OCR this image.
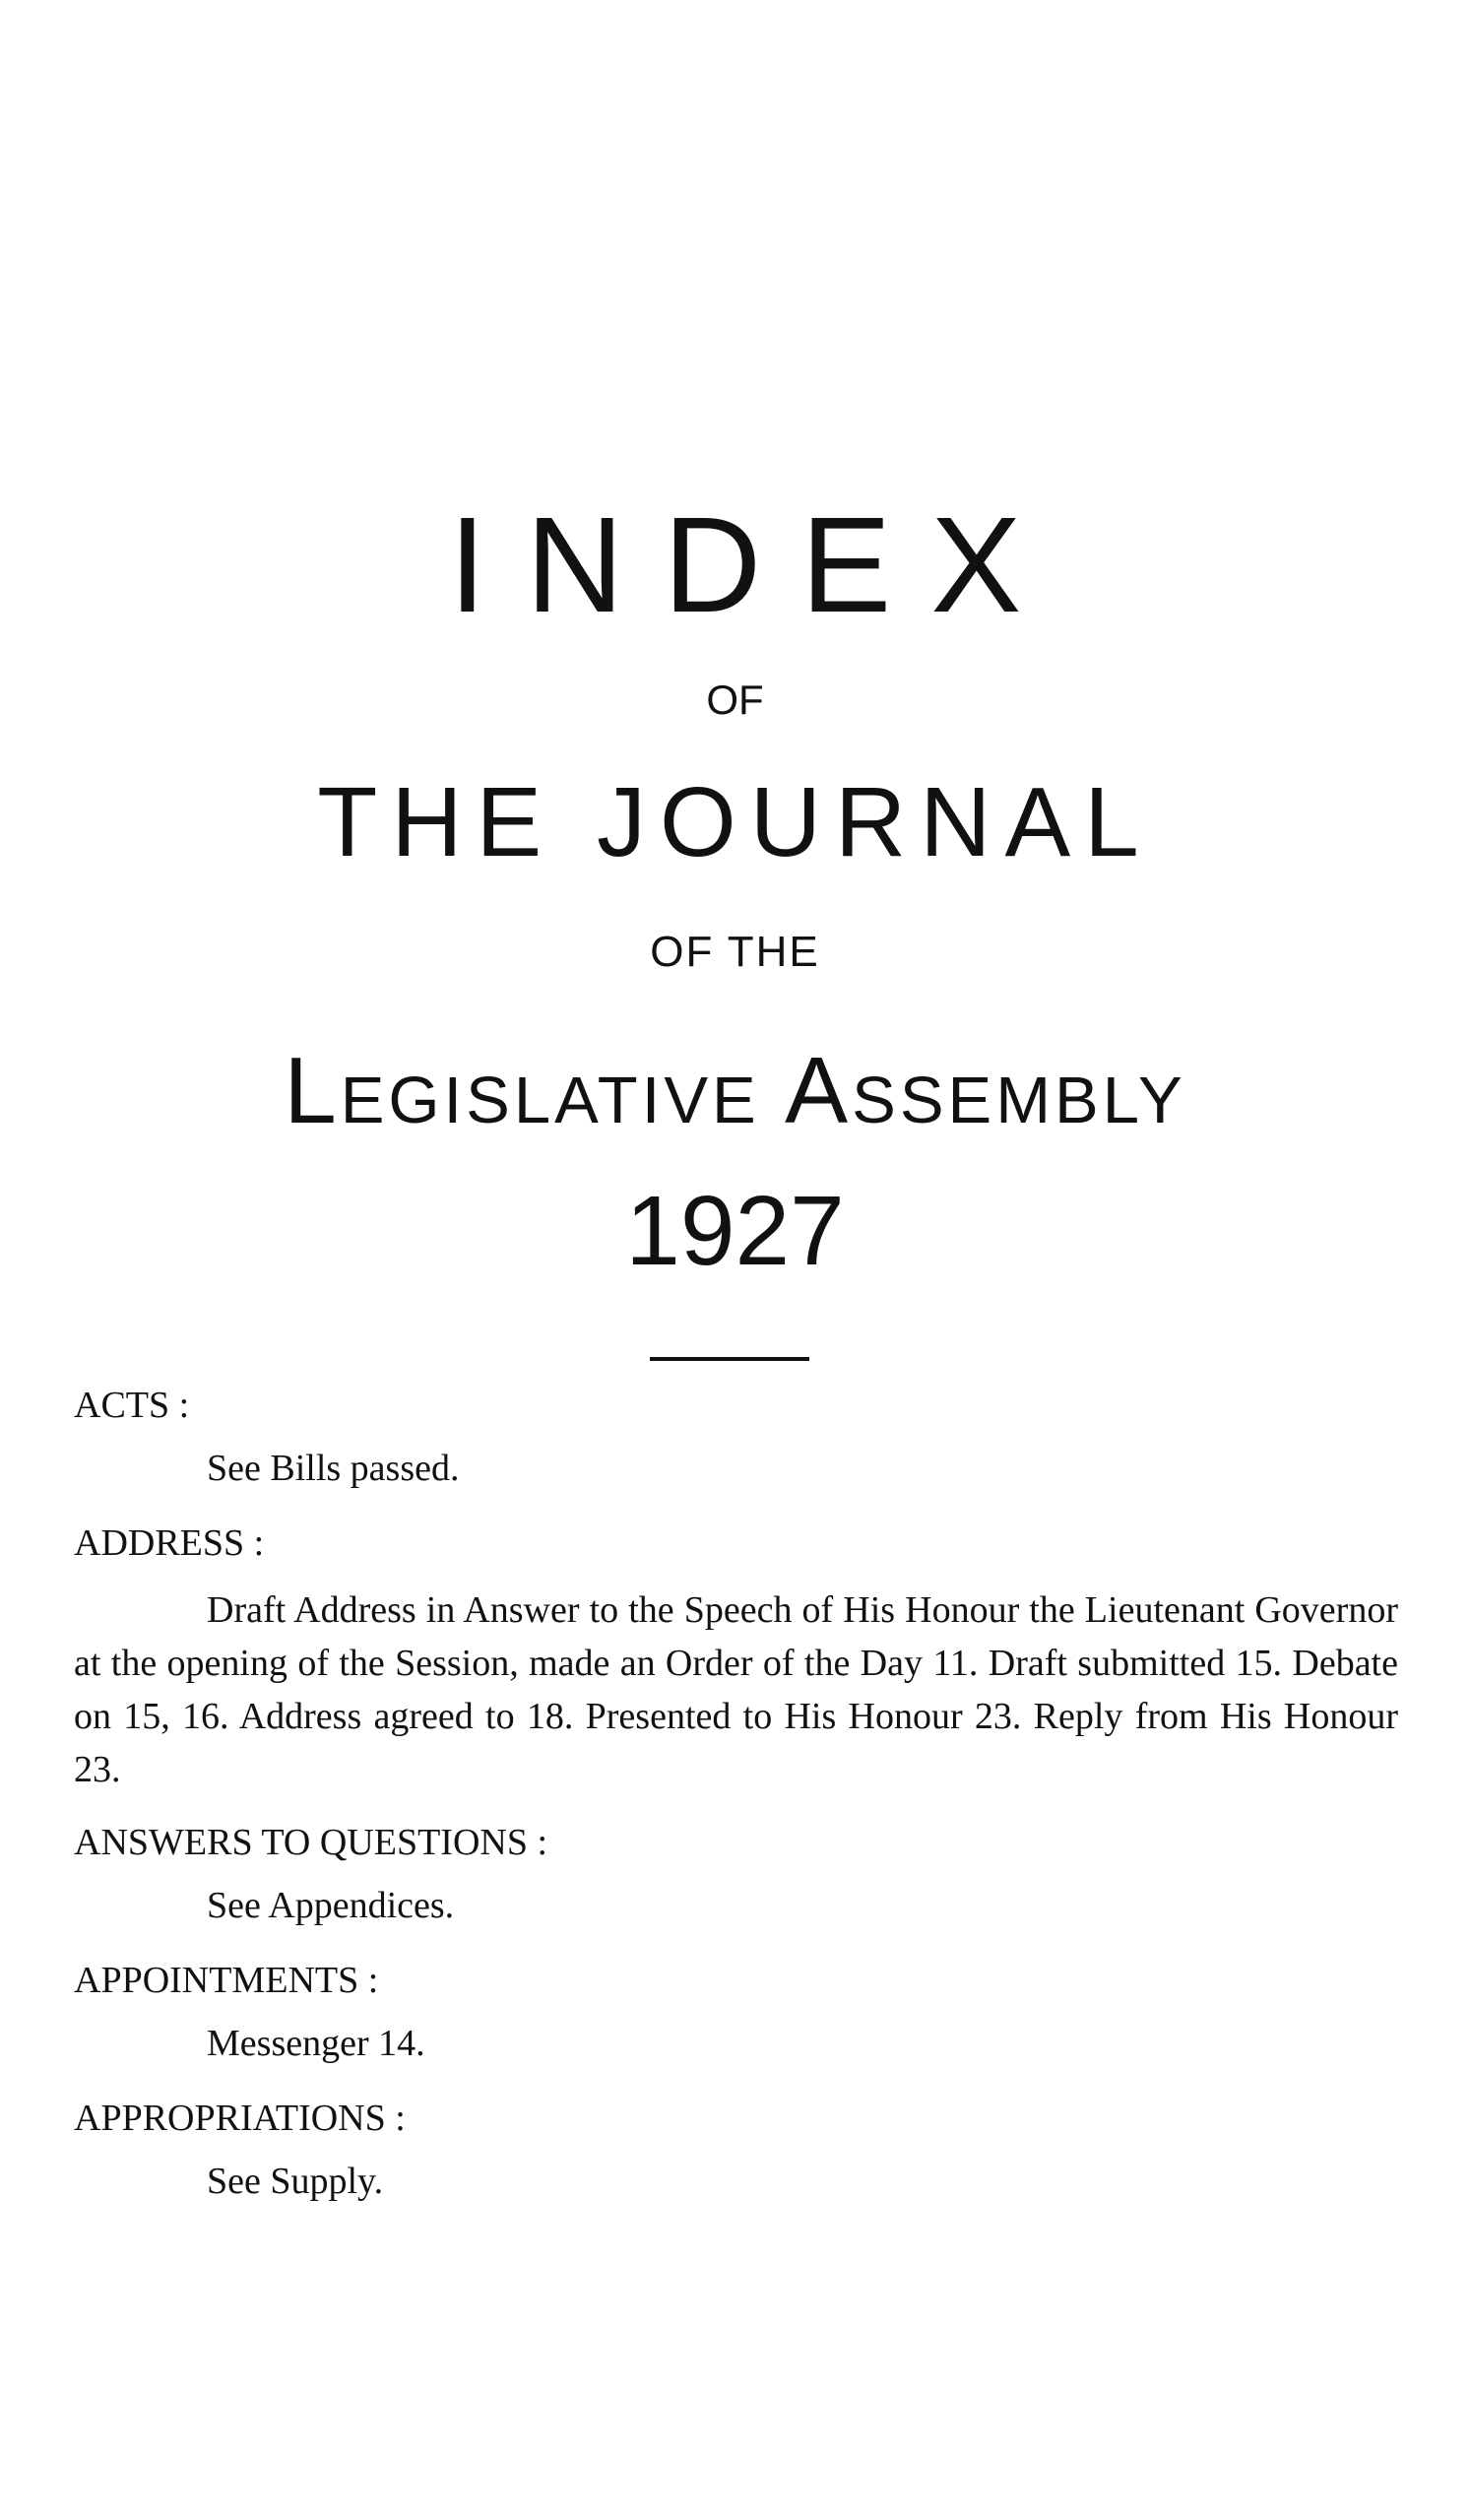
INDEX
OF
THE JOURNAL
OF THE
Legislative Assembly
1927
ACTS :
See Bills passed.
ADDRESS :
Draft Address in Answer to the Speech of His Honour the Lieutenant Governor at the opening of the Session, made an Order of the Day 11. Draft submitted 15. Debate on 15, 16. Address agreed to 18. Presented to His Honour 23. Reply from His Honour 23.
ANSWERS TO QUESTIONS :
See Appendices.
APPOINTMENTS :
Messenger 14.
APPROPRIATIONS :
See Supply.
